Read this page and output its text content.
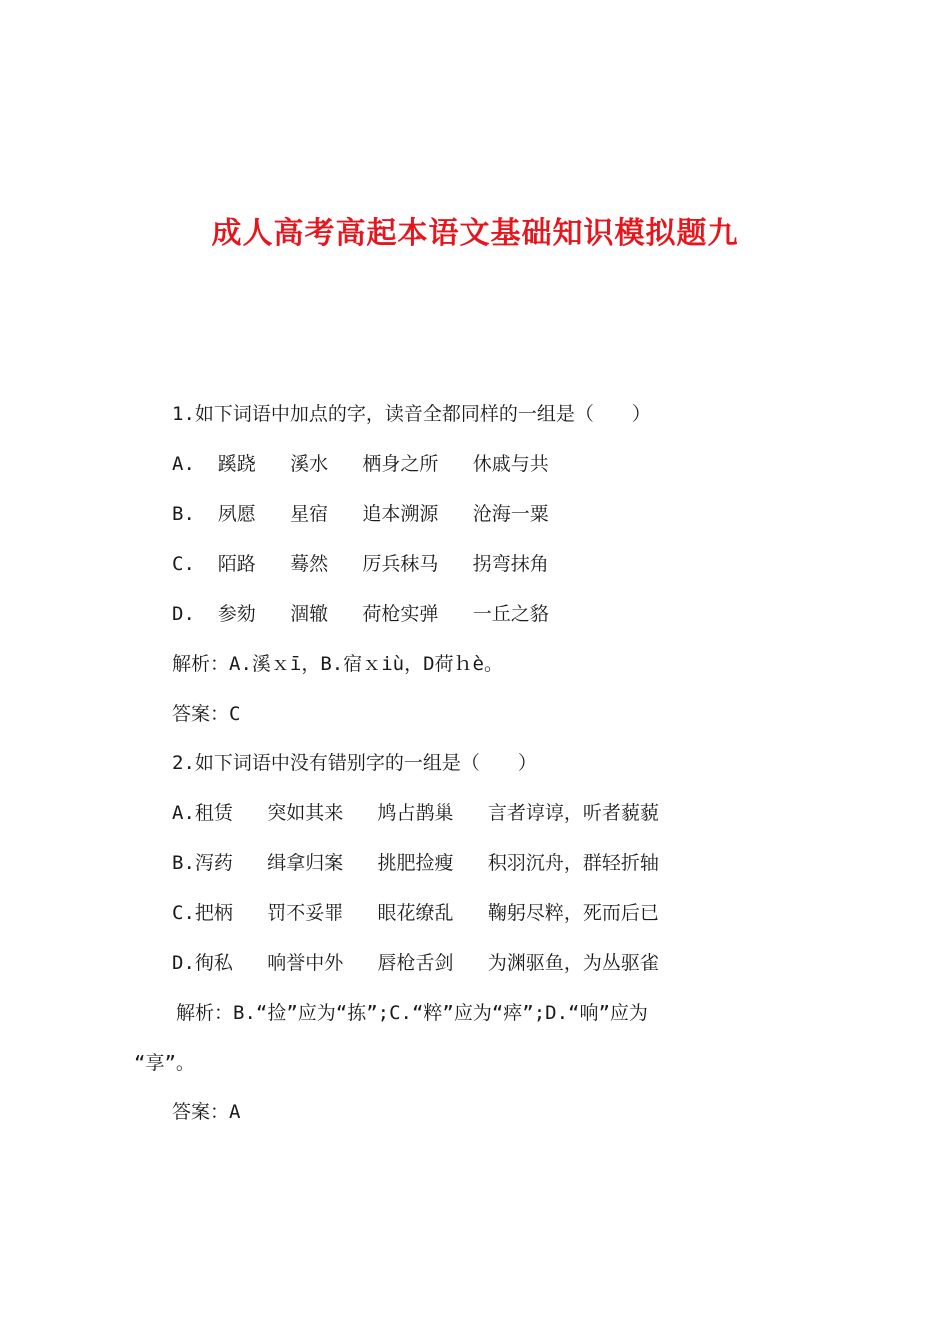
成人高考高起本语文基础知识模拟题九
1.如下词语中加点的字，读音全都同样的一组是（　　）
A.  蹊跷   溪水   栖身之所   休戚与共
B.  夙愿   星宿   追本溯源   沧海一粟
C.  陌路   蓦然   厉兵秣马   拐弯抹角
D.  参劾   涸辙   荷枪实弹   一丘之貉
解析：A.溪ｘī，B.宿ｘiù，D荷ｈè。
答案：C
2.如下词语中没有错别字的一组是（　　）
A.租赁   突如其来   鸠占鹊巢   言者谆谆，听者藐藐
B.泻药   缉拿归案   挑肥捡瘦   积羽沉舟，群轻折轴
C.把柄   罚不妥罪   眼花缭乱   鞠躬尽粹，死而后已
D.徇私   响誉中外   唇枪舌剑   为渊驱鱼，为丛驱雀
解析：B.“捡”应为“拣”;C.“粹”应为“瘁”;D.“响”应为
“享”。
答案：A
